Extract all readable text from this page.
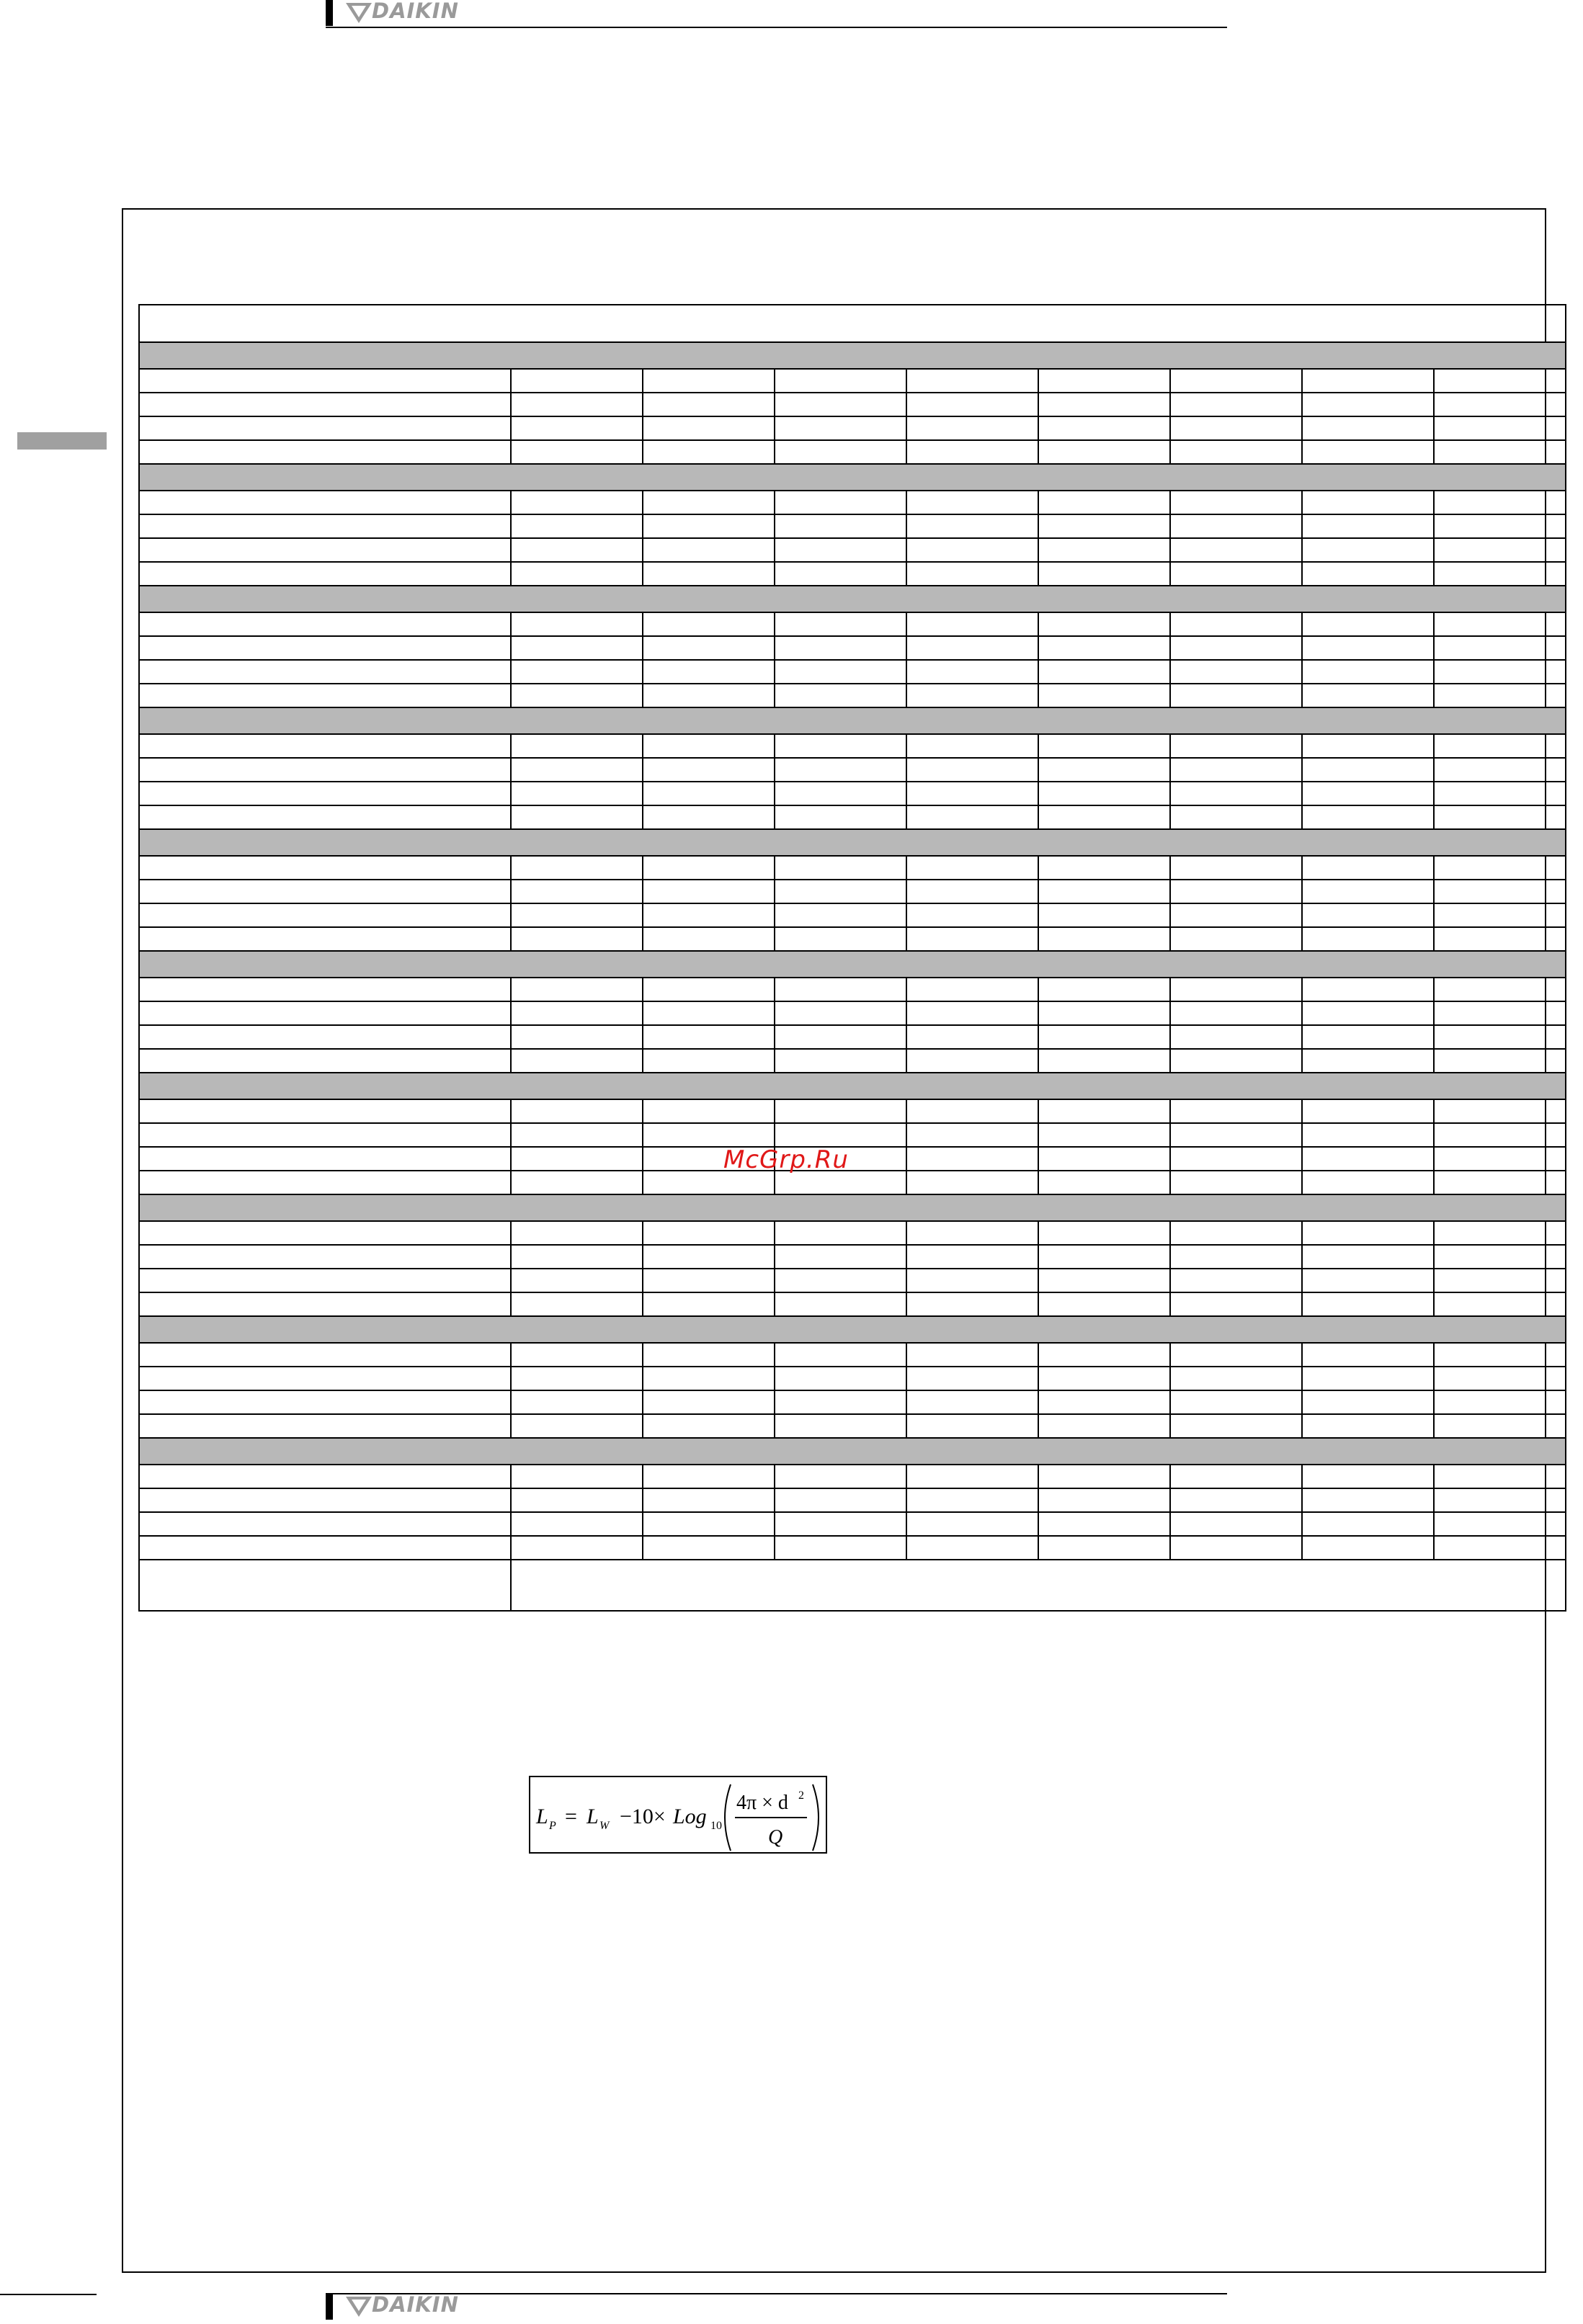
DAIKIN

McGrp.Ru
L P = L W −10× Log 10
4π × d 2
Q
DAIKIN
